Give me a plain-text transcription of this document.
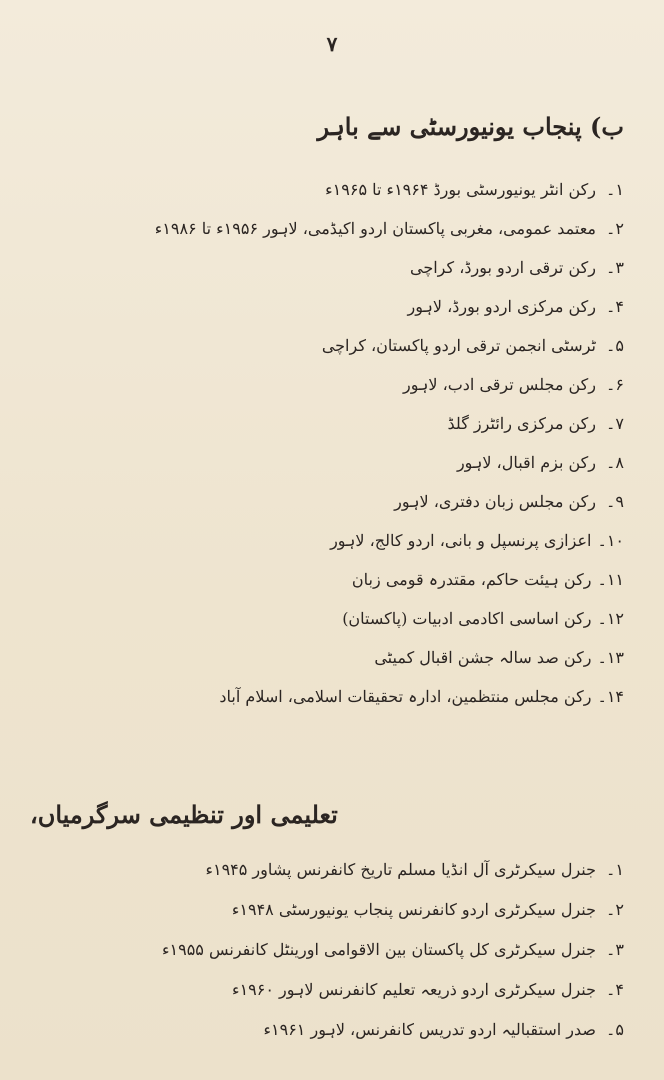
۷
ب) پنجاب یونیورسٹی سے باہر
۱۔
رکن انٹر یونیورسٹی بورڈ ۱۹۶۴ء تا ۱۹۶۵ء
۲۔
معتمد عمومی، مغربی پاکستان اردو اکیڈمی، لاہور ۱۹۵۶ء تا ۱۹۸۶ء
۳۔
رکن ترقی اردو بورڈ، کراچی
۴۔
رکن مرکزی اردو بورڈ، لاہور
۵۔
ٹرسٹی انجمن ترقی اردو پاکستان، کراچی
۶۔
رکن مجلس ترقی ادب، لاہور
۷۔
رکن مرکزی رائٹرز گلڈ
۸۔
رکن بزم اقبال، لاہور
۹۔
رکن مجلس زبان دفتری، لاہور
۱۰۔
اعزازی پرنسپل و بانی، اردو کالج، لاہور
۱۱۔
رکن ہیئت حاکم، مقتدرہ قومی زبان
۱۲۔
رکن اساسی اکادمی ادبیات (پاکستان)
۱۳۔
رکن صد سالہ جشن اقبال کمیٹی
۱۴۔
رکن مجلس منتظمین، ادارہ تحقیقات اسلامی، اسلام آباد
تعلیمی اور تنظیمی سرگرمیاں،
۱۔
جنرل سیکرٹری آل انڈیا مسلم تاریخ کانفرنس پشاور ۱۹۴۵ء
۲۔
جنرل سیکرٹری اردو کانفرنس پنجاب یونیورسٹی ۱۹۴۸ء
۳۔
جنرل سیکرٹری کل پاکستان بین الاقوامی اورینٹل کانفرنس ۱۹۵۵ء
۴۔
جنرل سیکرٹری اردو ذریعہ تعلیم کانفرنس لاہور ۱۹۶۰ء
۵۔
صدر استقبالیہ اردو تدریس کانفرنس، لاہور ۱۹۶۱ء
